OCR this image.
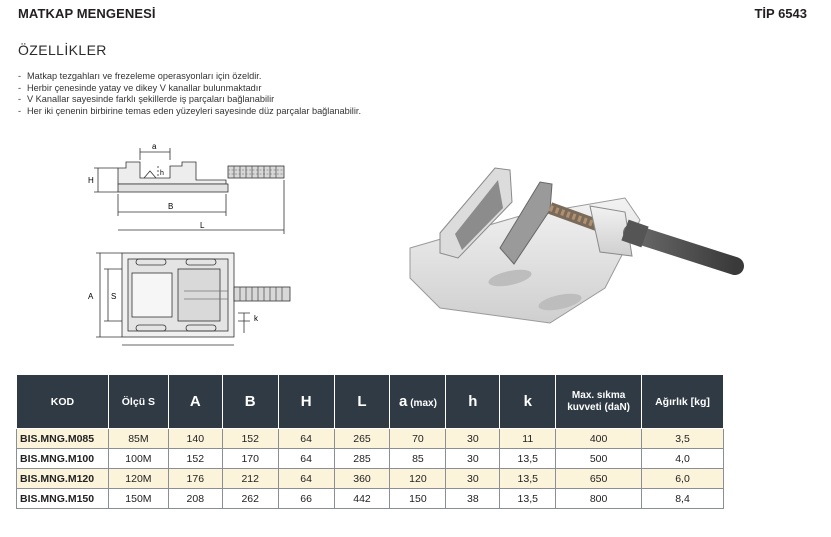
MATKAP MENGENESİ	TİP 6543
ÖZELLİKLER
- Matkap tezgahları ve frezeleme operasyonları için özeldir.
- Herbir çenesinde yatay ve dikey V kanallar bulunmaktadır
- V Kanallar sayesinde farklı şekillerde iş parçaları bağlanabilir
- Her iki çenenin birbirine temas eden yüzeyleri sayesinde düz parçalar bağlanabilir.
a
h
H
B
L
A S
k
KOD	Ölçü S	A	B	H	L	a (max)	h	k	Max. sıkma kuvveti (daN)	Ağırlık [kg]
BIS.MNG.M085	85M	140	152	64	265	70	30	11	400	3,5
BIS.MNG.M100	100M	152	170	64	285	85	30	13,5	500	4,0
BIS.MNG.M120	120M	176	212	64	360	120	30	13,5	650	6,0
BIS.MNG.M150	150M	208	262	66	442	150	38	13,5	800	8,4
